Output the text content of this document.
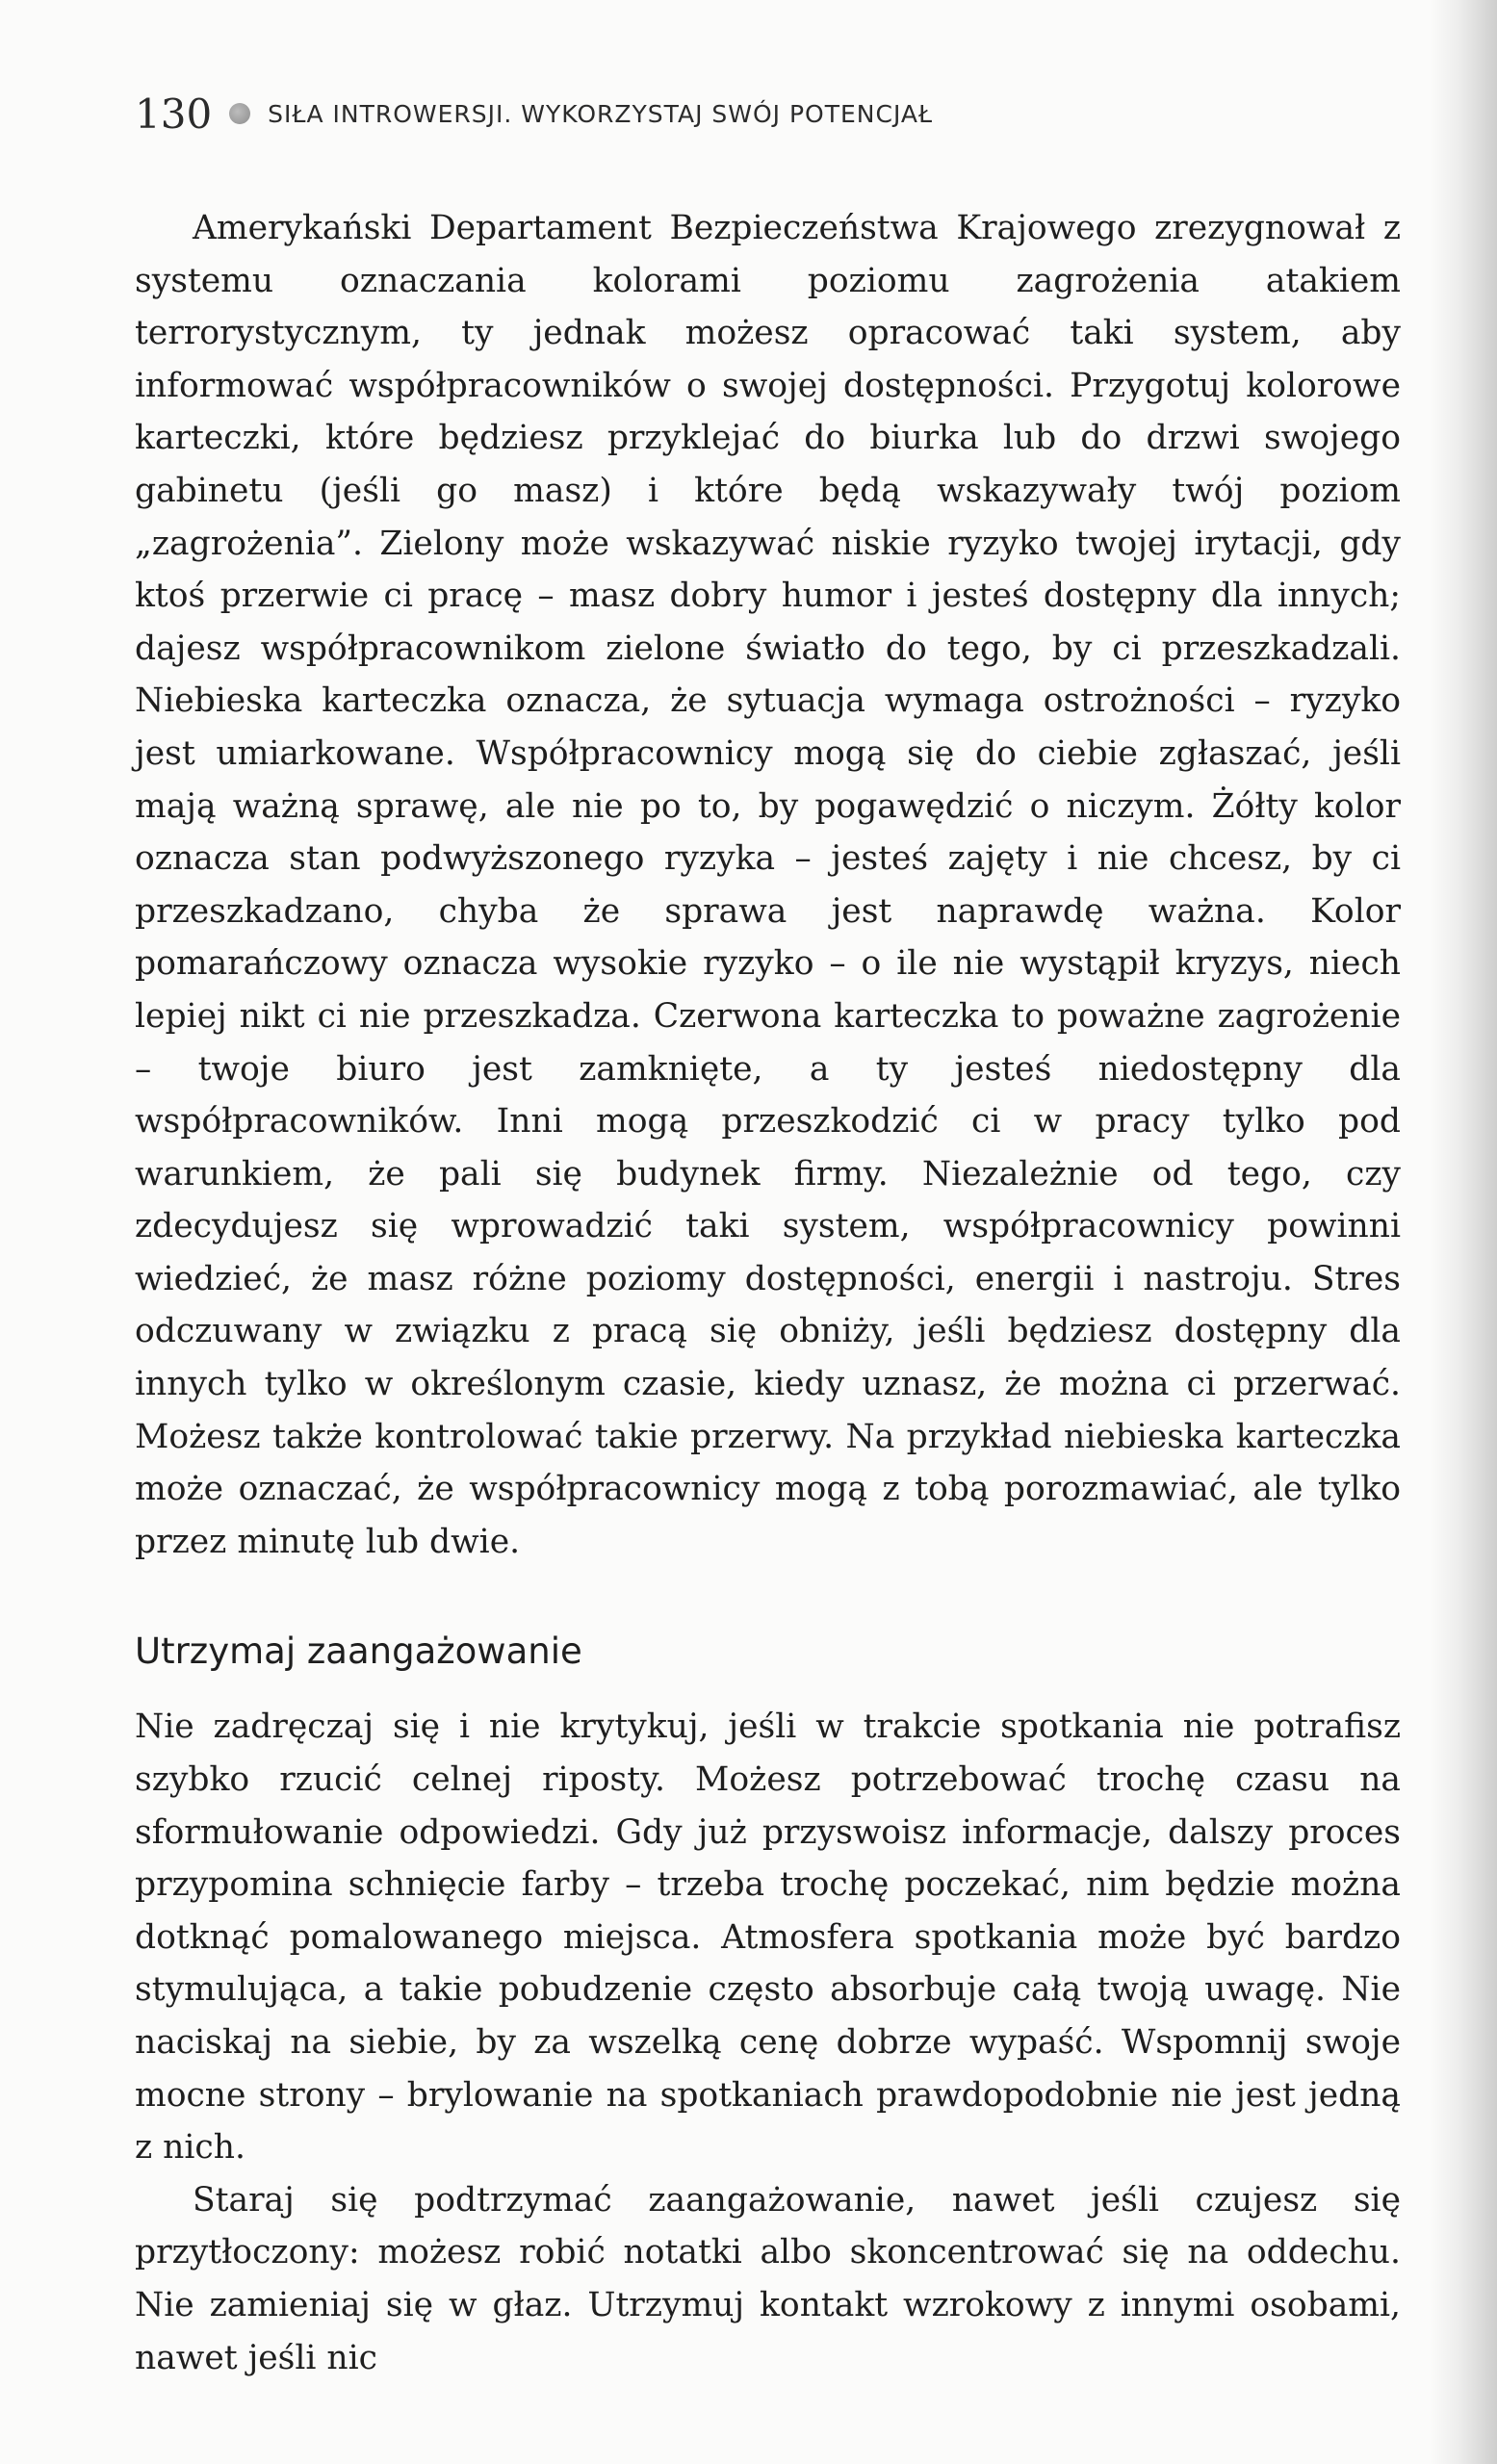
130 SIŁA INTROWERSJI. WYKORZYSTAJ SWÓJ POTENCJAŁ

Amerykański Departament Bezpieczeństwa Krajowego zrezygnował z systemu oznaczania kolorami poziomu zagrożenia atakiem terrorystycznym, ty jednak możesz opracować taki system, aby informować współpracowników o swojej dostępności. Przygotuj kolorowe karteczki, które będziesz przyklejać do biurka lub do drzwi swojego gabinetu (jeśli go masz) i które będą wskazywały twój poziom „zagrożenia”. Zielony może wskazywać niskie ryzyko twojej irytacji, gdy ktoś przerwie ci pracę – masz dobry humor i jesteś dostępny dla innych; dajesz współpracownikom zielone światło do tego, by ci przeszkadzali. Niebieska karteczka oznacza, że sytuacja wymaga ostrożności – ryzyko jest umiarkowane. Współpracownicy mogą się do ciebie zgłaszać, jeśli mają ważną sprawę, ale nie po to, by pogawędzić o niczym. Żółty kolor oznacza stan podwyższonego ryzyka – jesteś zajęty i nie chcesz, by ci przeszkadzano, chyba że sprawa jest naprawdę ważna. Kolor pomarańczowy oznacza wysokie ryzyko – o ile nie wystąpił kryzys, niech lepiej nikt ci nie przeszkadza. Czerwona karteczka to poważne zagrożenie – twoje biuro jest zamknięte, a ty jesteś niedostępny dla współpracowników. Inni mogą przeszkodzić ci w pracy tylko pod warunkiem, że pali się budynek firmy. Niezależnie od tego, czy zdecydujesz się wprowadzić taki system, współpracownicy powinni wiedzieć, że masz różne poziomy dostępności, energii i nastroju. Stres odczuwany w związku z pracą się obniży, jeśli będziesz dostępny dla innych tylko w określonym czasie, kiedy uznasz, że można ci przerwać. Możesz także kontrolować takie przerwy. Na przykład niebieska karteczka może oznaczać, że współpracownicy mogą z tobą porozmawiać, ale tylko przez minutę lub dwie.

Utrzymaj zaangażowanie

Nie zadręczaj się i nie krytykuj, jeśli w trakcie spotkania nie potrafisz szybko rzucić celnej riposty. Możesz potrzebować trochę czasu na sformułowanie odpowiedzi. Gdy już przyswoisz informacje, dalszy proces przypomina schnięcie farby – trzeba trochę poczekać, nim będzie można dotknąć pomalowanego miejsca. Atmosfera spotkania może być bardzo stymulująca, a takie pobudzenie często absorbuje całą twoją uwagę. Nie naciskaj na siebie, by za wszelką cenę dobrze wypaść. Wspomnij swoje mocne strony – brylowanie na spotkaniach prawdopodobnie nie jest jedną z nich.

Staraj się podtrzymać zaangażowanie, nawet jeśli czujesz się przytłoczony: możesz robić notatki albo skoncentrować się na oddechu. Nie zamieniaj się w głaz. Utrzymuj kontakt wzrokowy z innymi osobami, nawet jeśli nic
